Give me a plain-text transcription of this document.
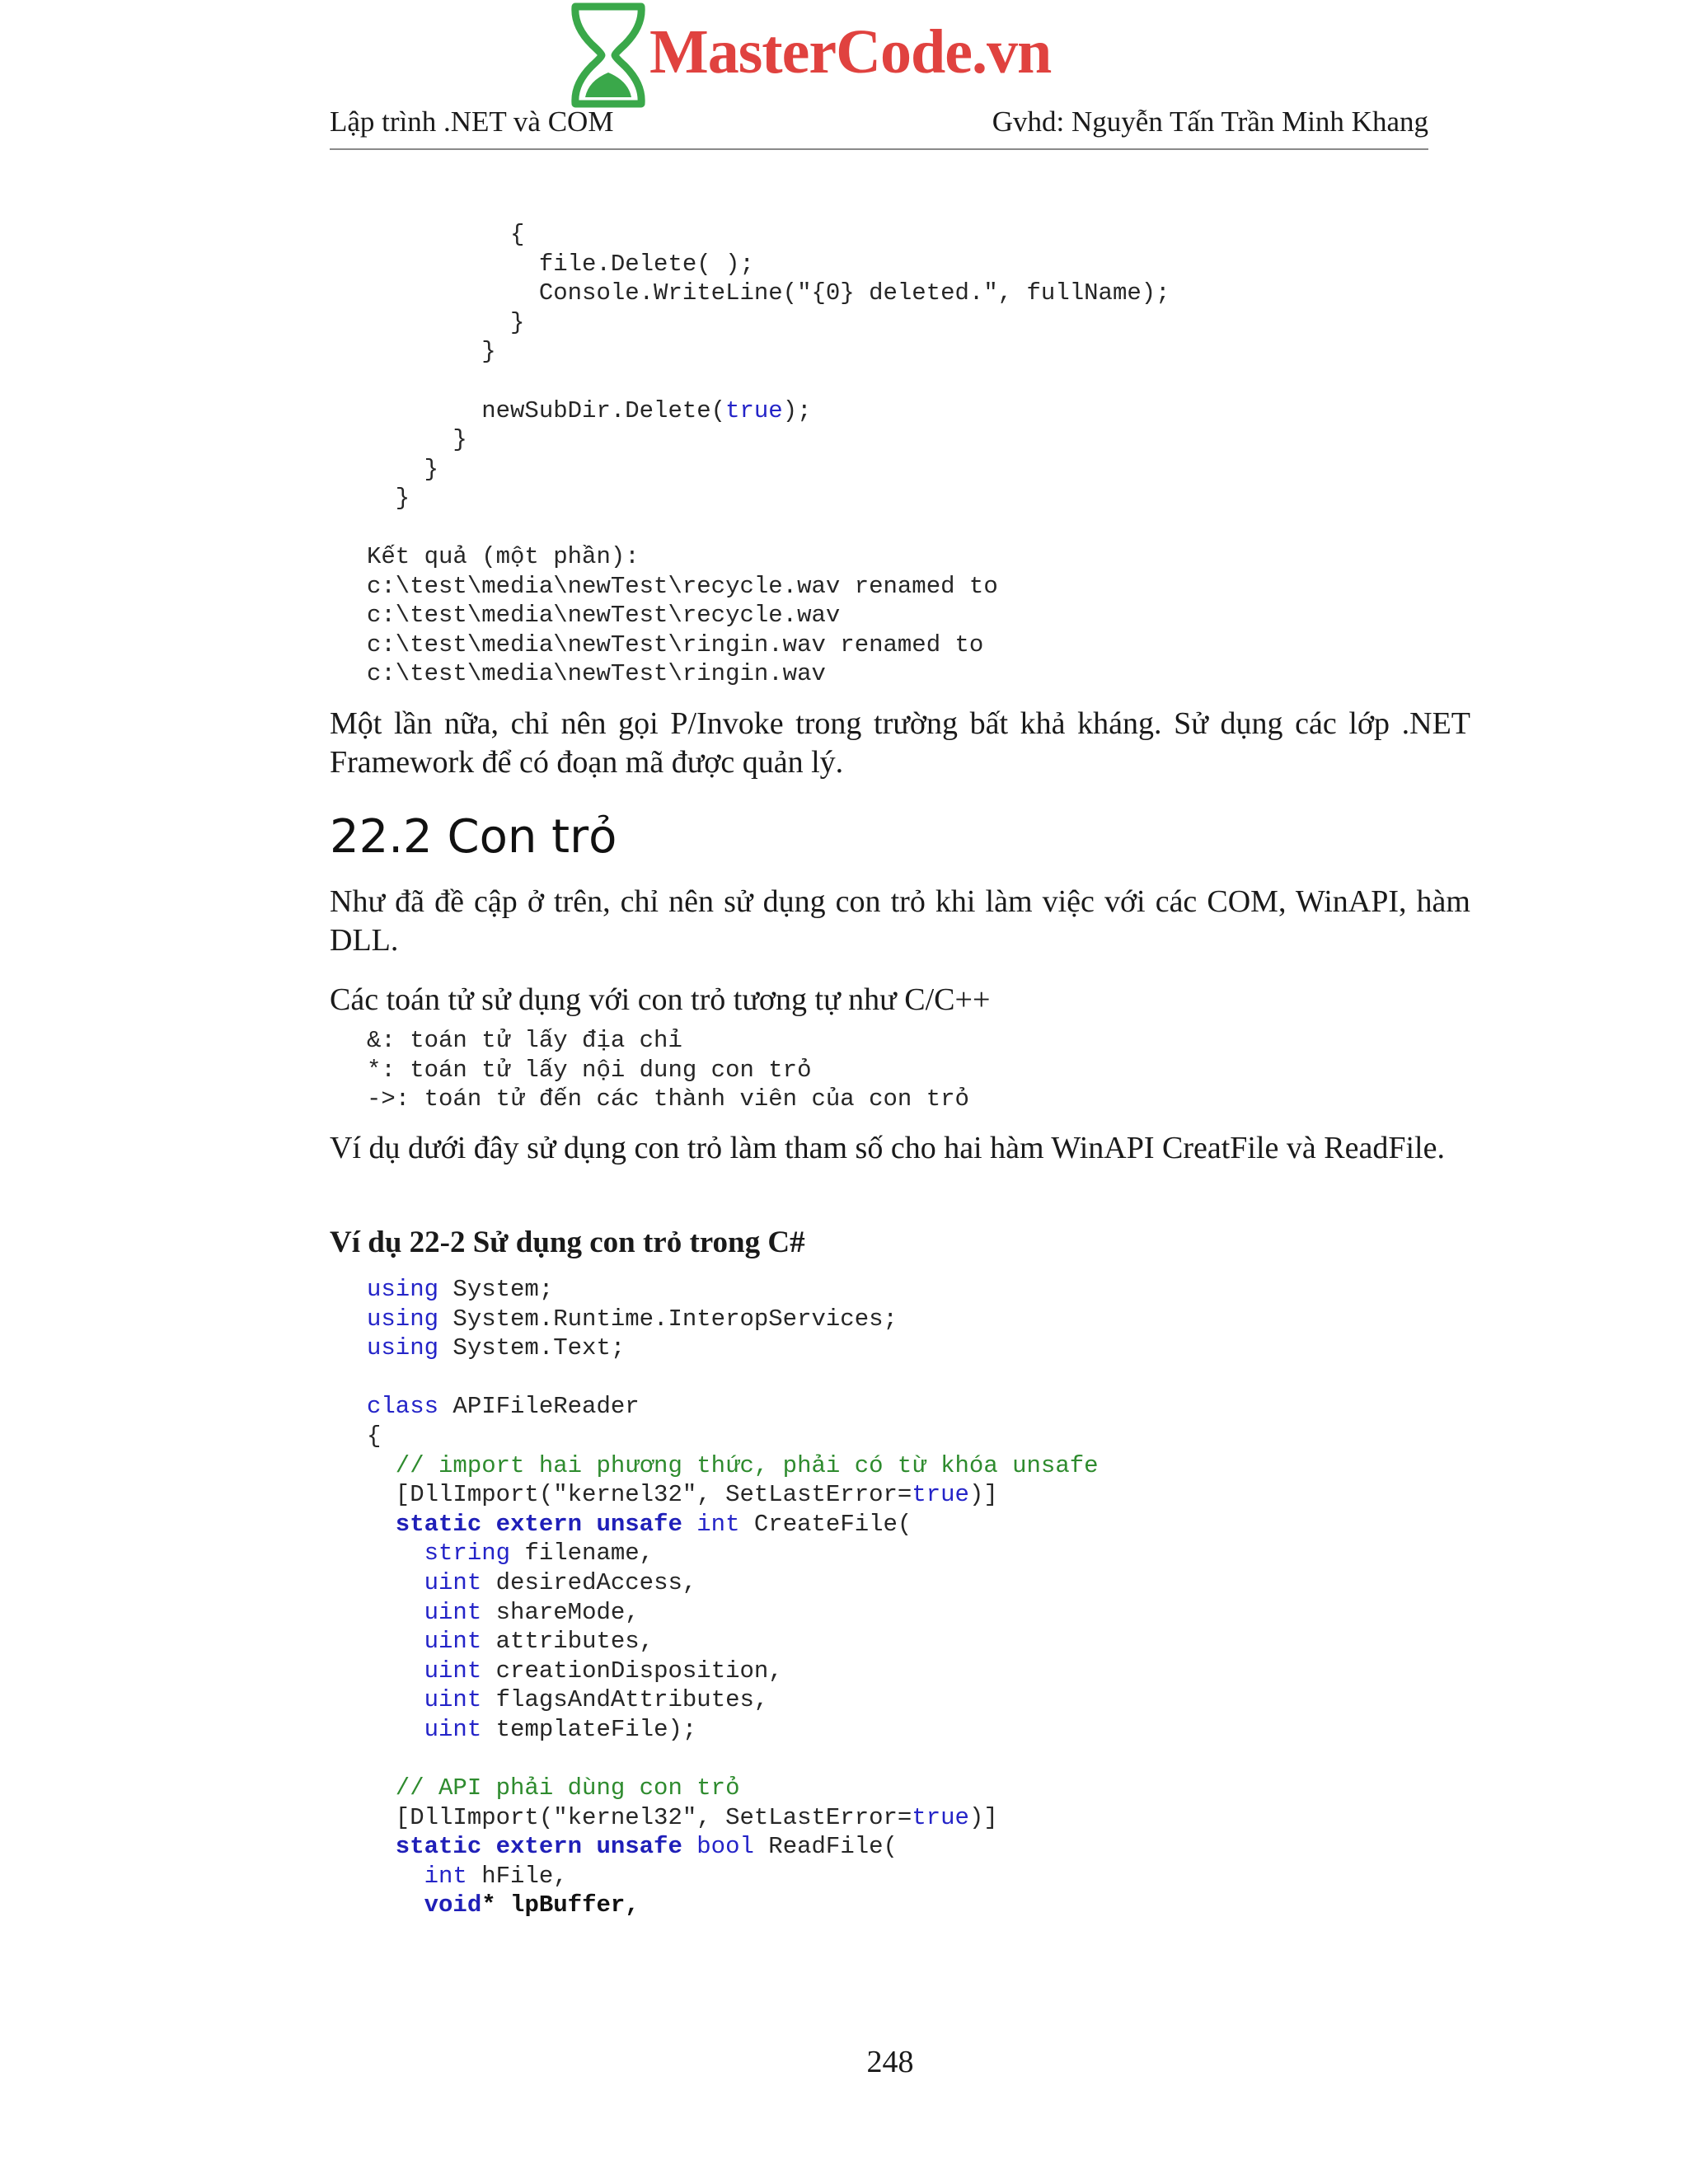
MasterCode.vn
Lập trình .NET và COM	Gvhd: Nguyễn Tấn Trần Minh Khang
{
file.Delete( );
Console.WriteLine("{0} deleted.", fullName);
}
}
newSubDir.Delete(true);
}
}
}
Kết quả (một phần):
c:\test\media\newTest\recycle.wav renamed to
c:\test\media\newTest\recycle.wav
c:\test\media\newTest\ringin.wav renamed to
c:\test\media\newTest\ringin.wav

Một lần nữa, chỉ nên gọi P/Invoke trong trường bất khả kháng. Sử dụng các lớp .NET Framework để có đoạn mã được quản lý.

22.2 Con trỏ

Như đã đề cập ở trên, chỉ nên sử dụng con trỏ khi làm việc với các COM, WinAPI, hàm DLL.

Các toán tử sử dụng với con trỏ tương tự như C/C++

&: toán tử lấy địa chỉ
*: toán tử lấy nội dung con trỏ
->: toán tử đến các thành viên của con trỏ

Ví dụ dưới đây sử dụng con trỏ làm tham số cho hai hàm WinAPI CreatFile và ReadFile.

Ví dụ 22-2 Sử dụng con trỏ trong C#

using System;
using System.Runtime.InteropServices;
using System.Text;
class APIFileReader
{
// import hai phương thức, phải có từ khóa unsafe
[DllImport("kernel32", SetLastError=true)]
static extern unsafe int CreateFile(
string filename,
uint desiredAccess,
uint shareMode,
uint attributes,
uint creationDisposition,
uint flagsAndAttributes,
uint templateFile);
// API phải dùng con trỏ
[DllImport("kernel32", SetLastError=true)]
static extern unsafe bool ReadFile(
int hFile,
void* lpBuffer,
248
